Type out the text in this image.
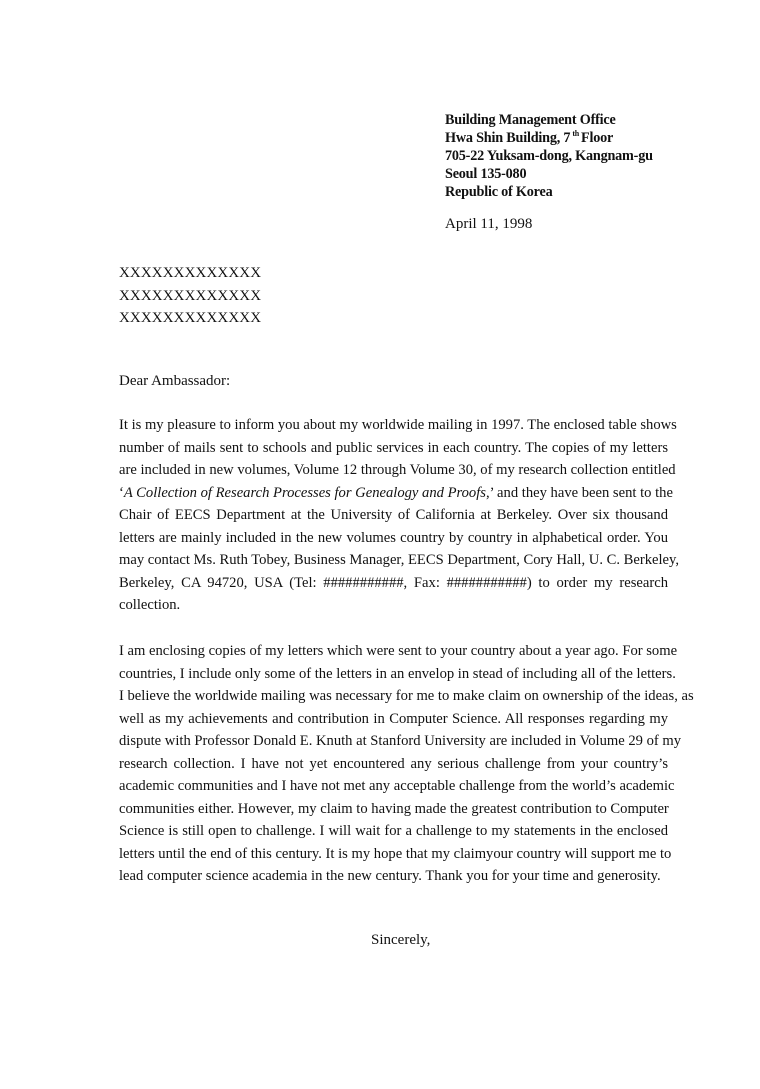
Building Management Office
Hwa Shin Building, 7 $^{th}$ Floor
705-22 Yuksam-dong, Kangnam-gu
Seoul 135-080
Republic of Korea
April 11, 1998
XXXXXXXXXXXXX
XXXXXXXXXXXXX
XXXXXXXXXXXXX
Dear Ambassador:
It is my pleasure to inform you about my worldwide mailing in 1997. The enclosed table shows
number of mails sent to schools and public services in each country. The copies of my letters
are included in new volumes, Volume 12 through Volume 30, of my research collection entitled
‘A Collection of Research Processes for Genealogy and Proofs,’ and they have been sent to the
Chair of EECS Department at the University of California at Berkeley. Over six thousand
letters are mainly included in the new volumes country by country in alphabetical order. You
may contact Ms. Ruth Tobey, Business Manager, EECS Department, Cory Hall, U. C. Berkeley,
Berkeley, CA 94720, USA (Tel: ###########, Fax: ###########) to order my research
collection.
I am enclosing copies of my letters which were sent to your country about a year ago. For some
countries, I include only some of the letters in an envelop in stead of including all of the letters.
I believe the worldwide mailing was necessary for me to make claim on ownership of the ideas, as
well as my achievements and contribution in Computer Science. All responses regarding my
dispute with Professor Donald E. Knuth at Stanford University are included in Volume 29 of my
research collection. I have not yet encountered any serious challenge from your country’s
academic communities and I have not met any acceptable challenge from the world’s academic
communities either. However, my claim to having made the greatest contribution to Computer
Science is still open to challenge. I will wait for a challenge to my statements in the enclosed
letters until the end of this century. It is my hope that my claimyour country will support me to
lead computer science academia in the new century. Thank you for your time and generosity.
Sincerely,
